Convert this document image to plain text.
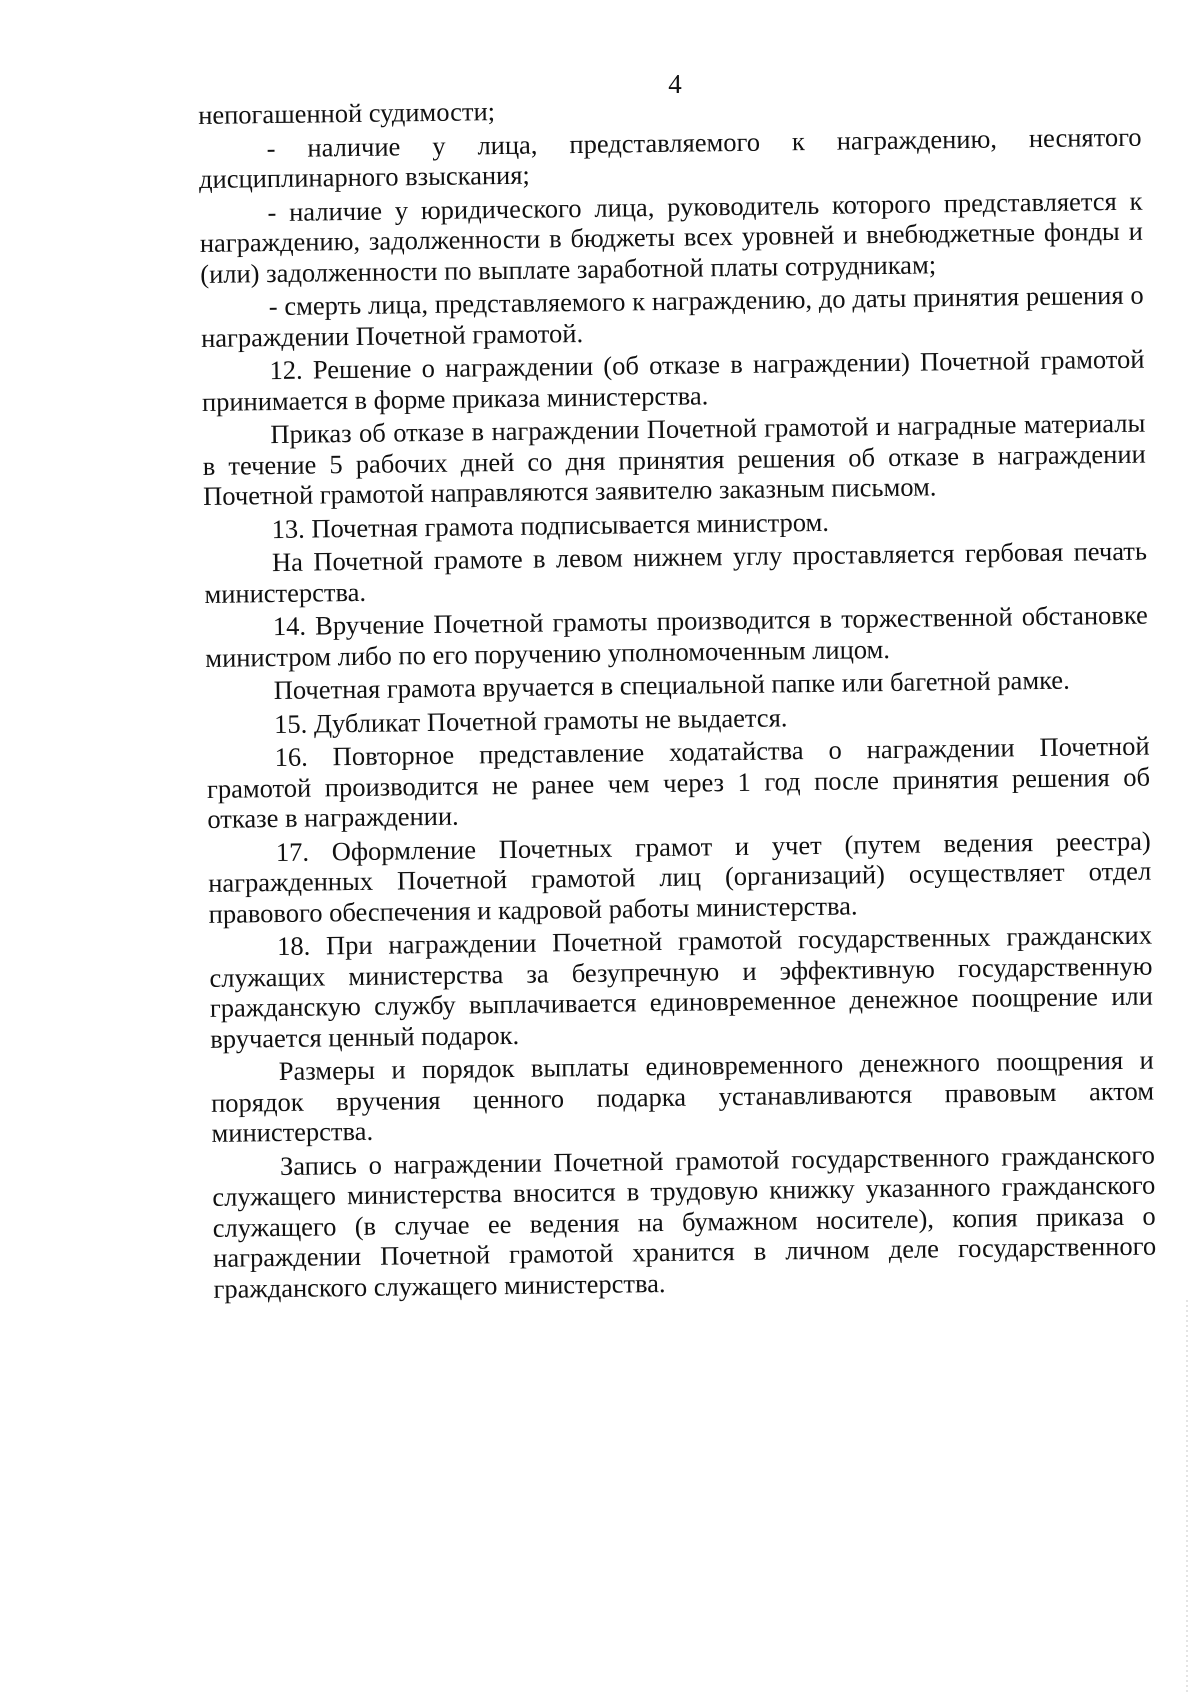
4

непогашенной судимости;

- наличие у лица, представляемого к награждению, неснятого дисциплинарного взыскания;

- наличие у юридического лица, руководитель которого представляется к награждению, задолженности в бюджеты всех уровней и внебюджетные фонды и (или) задолженности по выплате заработной платы сотрудникам;

- смерть лица, представляемого к награждению, до даты принятия решения о награждении Почетной грамотой.

12. Решение о награждении (об отказе в награждении) Почетной грамотой принимается в форме приказа министерства.

Приказ об отказе в награждении Почетной грамотой и наградные материалы в течение 5 рабочих дней со дня принятия решения об отказе в награждении Почетной грамотой направляются заявителю заказным письмом.

13. Почетная грамота подписывается министром.

На Почетной грамоте в левом нижнем углу проставляется гербовая печать министерства.

14. Вручение Почетной грамоты производится в торжественной обстановке министром либо по его поручению уполномоченным лицом.

Почетная грамота вручается в специальной папке или багетной рамке.

15. Дубликат Почетной грамоты не выдается.

16. Повторное представление ходатайства о награждении Почетной грамотой производится не ранее чем через 1 год после принятия решения об отказе в награждении.

17. Оформление Почетных грамот и учет (путем ведения реестра) награжденных Почетной грамотой лиц (организаций) осуществляет отдел правового обеспечения и кадровой работы министерства.

18. При награждении Почетной грамотой государственных гражданских служащих министерства за безупречную и эффективную государственную гражданскую службу выплачивается единовременное денежное поощрение или вручается ценный подарок.

Размеры и порядок выплаты единовременного денежного поощрения и порядок вручения ценного подарка устанавливаются правовым актом министерства.

Запись о награждении Почетной грамотой государственного гражданского служащего министерства вносится в трудовую книжку указанного гражданского служащего (в случае ее ведения на бумажном носителе), копия приказа о награждении Почетной грамотой хранится в личном деле государственного гражданского служащего министерства.
